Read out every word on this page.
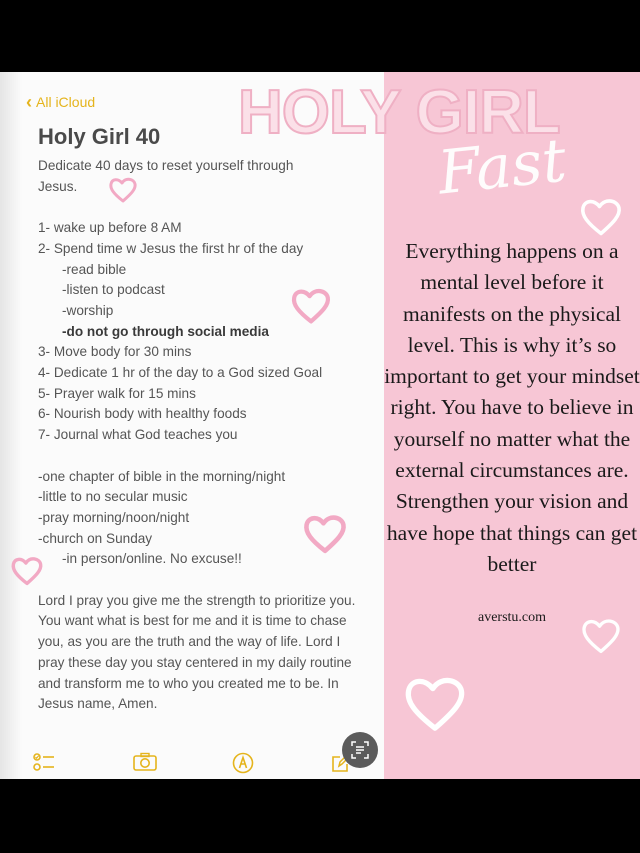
‹ All iCloud
Holy Girl 40
Dedicate 40 days to reset yourself through
Jesus.
1- wake up before 8 AM
2- Spend time w Jesus the first hr of the day
-read bible
-listen to podcast
-worship
-do not go through social media
3- Move body for 30 mins
4- Dedicate 1 hr of the day to a God sized Goal
5- Prayer walk for 15 mins
6- Nourish body with healthy foods
7- Journal what God teaches you
-one chapter of bible in the morning/night
-little to no secular music
-pray morning/noon/night
-church on Sunday
-in person/online. No excuse!!
Lord I pray you give me the strength to prioritize you. You want what is best for me and it is time to chase you, as you are the truth and the way of life. Lord I pray these day you stay centered in my daily routine and transform me to who you created me to be. In Jesus name, Amen.
HOLY GIRL
Fast
Everything happens on a mental level before it manifests on the physical level. This is why it’s so important to get your mindset right. You have to believe in yourself no matter what the external circumstances are. Strengthen your vision and have hope that things can get better
averstu.com
